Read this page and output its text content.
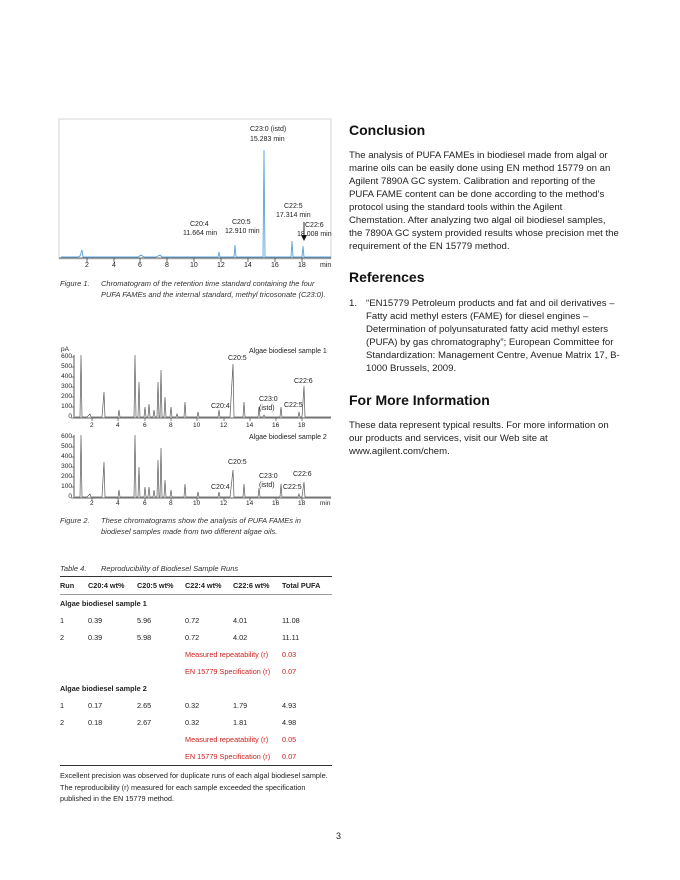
C23:0 (istd)
15.283 min
C20:4
11.664 min
C20:5
12.910 min
C22:5
17.314 min
C22:6
18.008 min
2	4	6	8	10	12	14	16	18 min
Figure 1. Chromatogram of the retention time standard containing the four PUFA FAMEs and the internal standard, methyl tricosonate (C23:0).
pA
600
500
400
300
200
100
0
Algae biodiesel sample 1
C20:5
C22:6
C23:0
(istd)
C20:4	C22:5
2	4	6	8	10	12	14	16	18
600
500
400
300
200
100
0
Algae biodiesel sample 2
C20:5
C22:6
C23:0
(istd)
C20:4	C22:5
2	4	6	8	10	12	14	16	18 min
Figure 2. These chromatograms show the analysis of PUFA FAMEs in biodiesel samples made from two different algae oils.
Table 4. Reproducibility of Biodiesel Sample Runs
Run	C20:4 wt%	C20:5 wt%	C22:4 wt%	C22:6 wt%	Total PUFA
Algae biodiesel sample 1					
1	0.39	5.96	0.72	4.01	11.08
2	0.39	5.98	0.72	4.02	11.11
			Measured repeatability (r)		0.03
			EN 15779 Specification (r)		0.07
Algae biodiesel sample 2					
1	0.17	2.65	0.32	1.79	4.93
2	0.18	2.67	0.32	1.81	4.98
			Measured repeatability (r)		0.05
			EN 15779 Specification (r)		0.07
Excellent precision was observed for duplicate runs of each algal biodiesel sample. The reproducibility (r) measured for each sample exceeded the specification published in the EN 15779 method.
Conclusion
The analysis of PUFA FAMEs in biodiesel made from algal or marine oils can be easily done using EN method 15779 on an Agilent 7890A GC system. Calibration and reporting of the PUFA FAME content can be done according to the method’s protocol using the standard tools within the Agilent Chemstation. After analyzing two algal oil biodiesel samples, the 7890A GC system provided results whose precision met the requirement of the EN 15779 method.
References
1. “EN15779 Petroleum products and fat and oil derivatives – Fatty acid methyl esters (FAME) for diesel engines – Determination of polyunsaturated fatty acid methyl esters (PUFA) by gas chromatography”; European Committee for Standardization: Management Centre, Avenue Matrix 17, B-1000 Brussels, 2009.
For More Information
These data represent typical results. For more information on our products and services, visit our Web site at www.agilent.com/chem.
3
